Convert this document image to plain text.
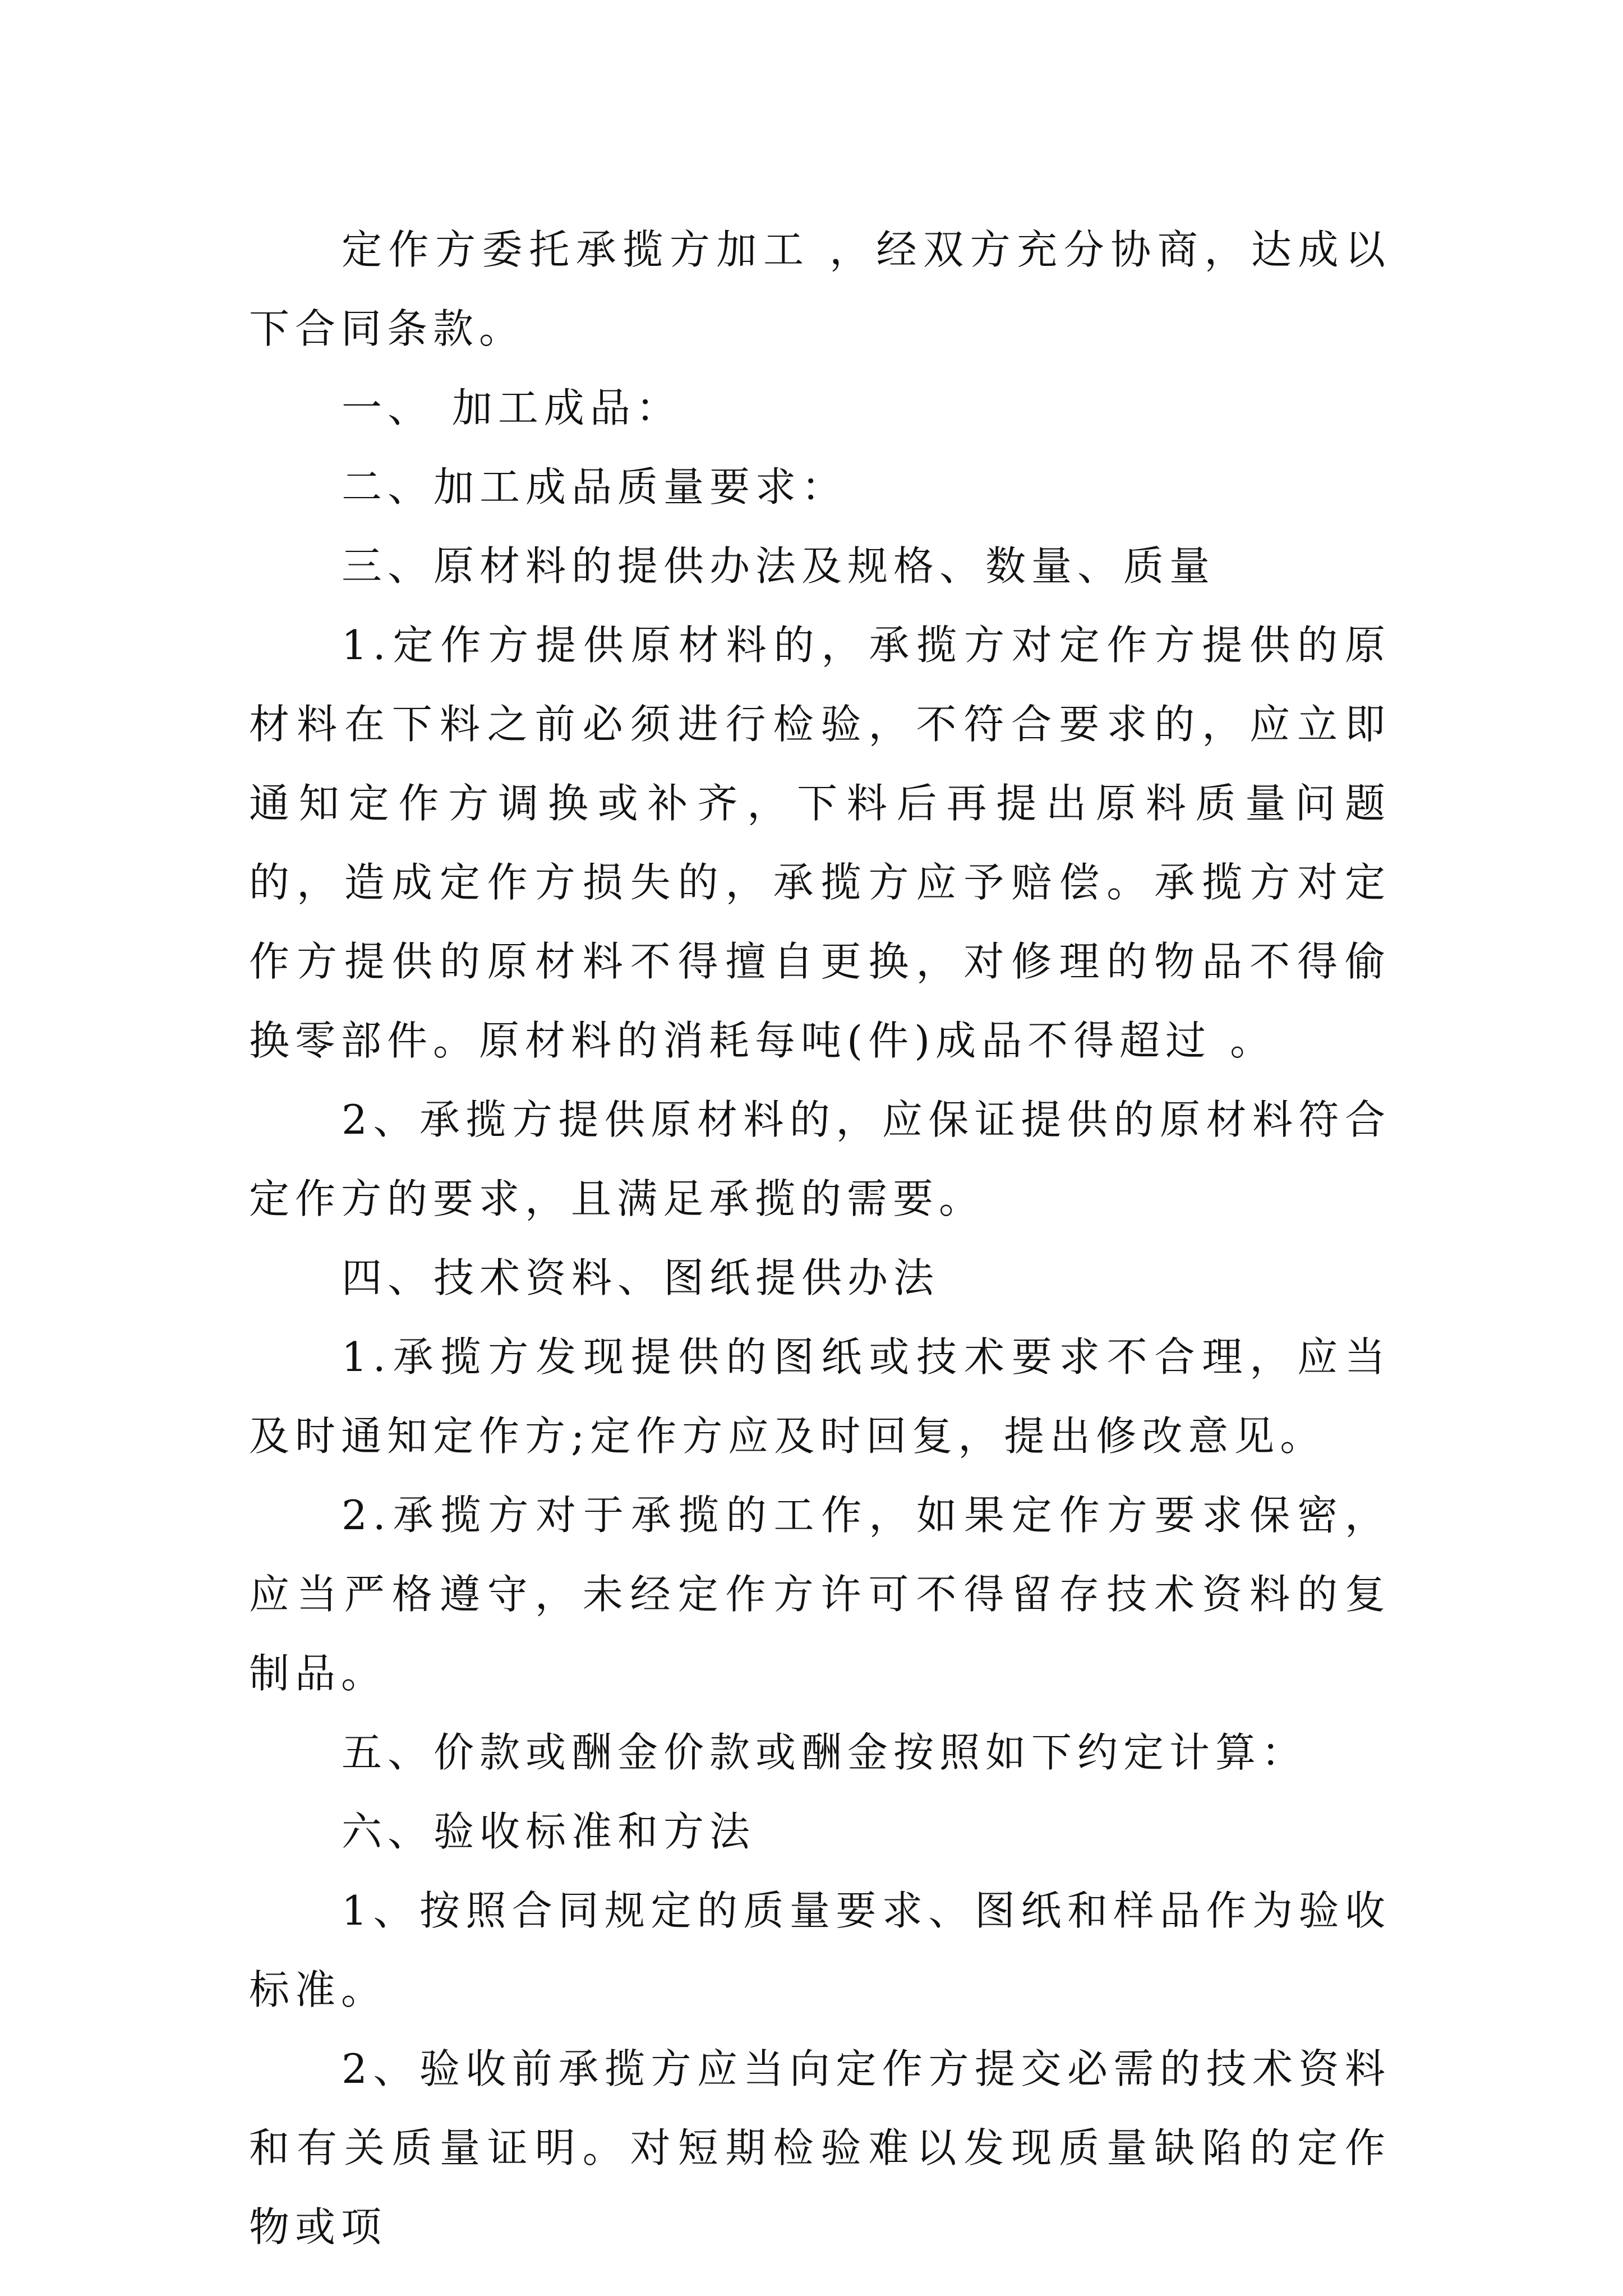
定作方委托承揽方加工 ，经双方充分协商，达成以下合同条款。

一、 加工成品：

二、加工成品质量要求：

三、原材料的提供办法及规格、数量、质量

1.定作方提供原材料的，承揽方对定作方提供的原材料在下料之前必须进行检验，不符合要求的，应立即通知定作方调换或补齐，下料后再提出原料质量问题的，造成定作方损失的，承揽方应予赔偿。承揽方对定作方提供的原材料不得擅自更换，对修理的物品不得偷换零部件。原材料的消耗每吨(件)成品不得超过 。

2、承揽方提供原材料的，应保证提供的原材料符合定作方的要求，且满足承揽的需要。

四、技术资料、图纸提供办法

1.承揽方发现提供的图纸或技术要求不合理，应当及时通知定作方;定作方应及时回复，提出修改意见。

2.承揽方对于承揽的工作，如果定作方要求保密，应当严格遵守，未经定作方许可不得留存技术资料的复制品。

五、价款或酬金价款或酬金按照如下约定计算：

六、验收标准和方法

1、按照合同规定的质量要求、图纸和样品作为验收标准。

2、验收前承揽方应当向定作方提交必需的技术资料和有关质量证明。对短期检验难以发现质量缺陷的定作物或项
